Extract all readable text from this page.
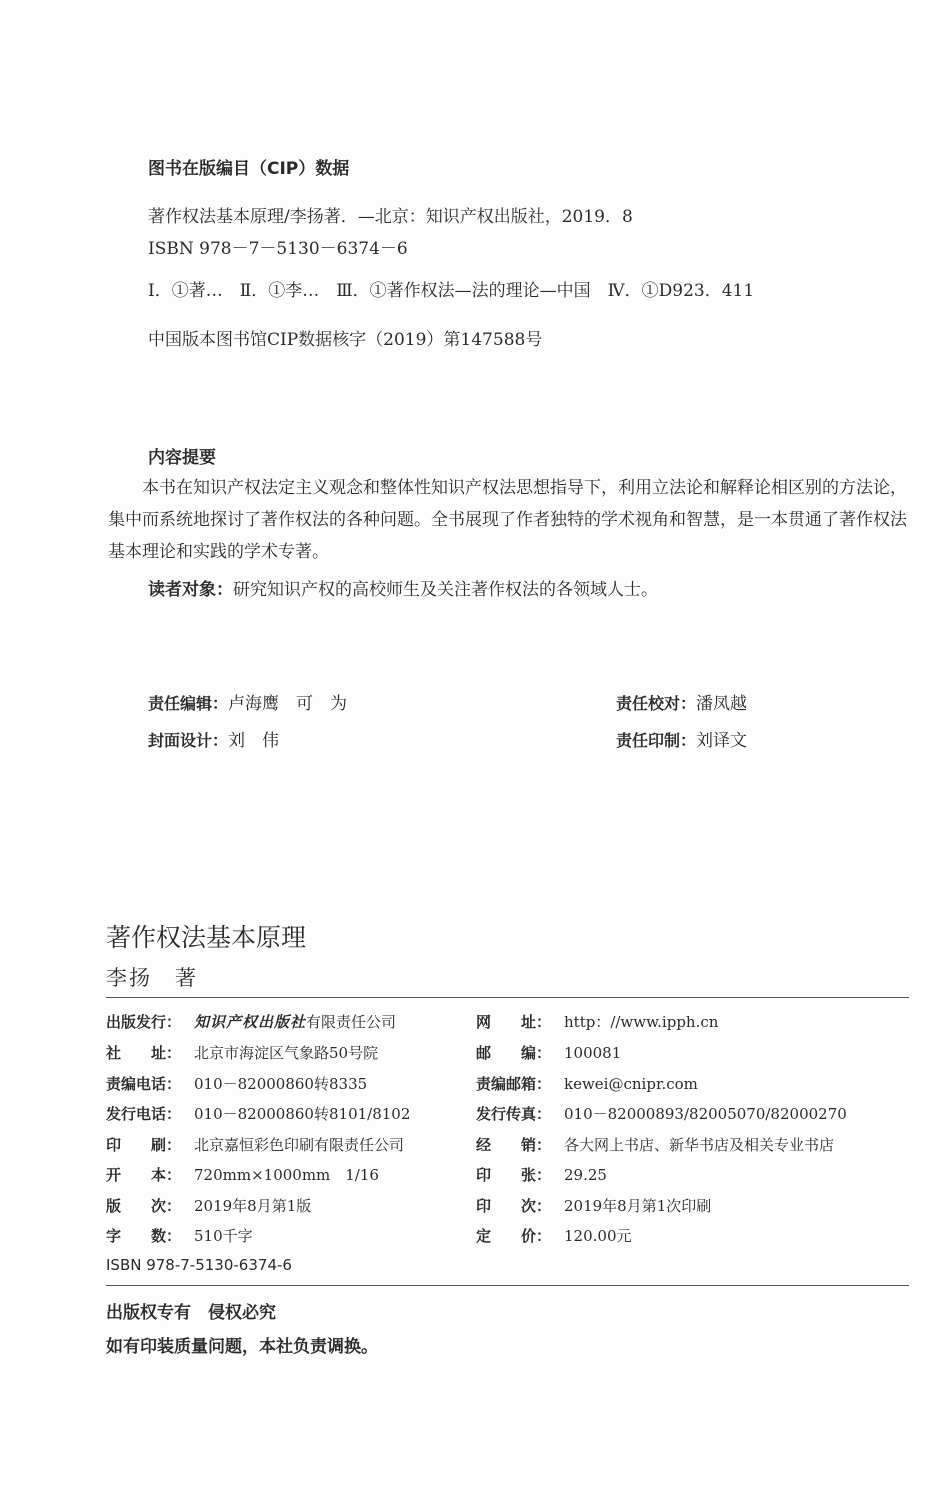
图书在版编目（CIP）数据
著作权法基本原理/李扬著．—北京：知识产权出版社，2019．8
ISBN 978－7－5130－6374－6
Ⅰ．①著…　Ⅱ．①李…　Ⅲ．①著作权法—法的理论—中国　Ⅳ．①D923．411
中国版本图书馆CIP数据核字（2019）第147588号
内容提要
本书在知识产权法定主义观念和整体性知识产权法思想指导下，利用立法论和解释论相区别的方法论，集中而系统地探讨了著作权法的各种问题。全书展现了作者独特的学术视角和智慧，是一本贯通了著作权法基本理论和实践的学术专著。
读者对象：研究知识产权的高校师生及关注著作权法的各领域人士。
责任编辑：卢海鹰　可　为	责任校对：潘凤越
封面设计：刘　伟	责任印制：刘译文
著作权法基本原理
李扬　著
出版发行： 知识产权出版社有限责任公司	网　　址： http：//www.ipph.cn
社　　址： 北京市海淀区气象路50号院	邮　　编： 100081
责编电话： 010－82000860转8335	责编邮箱： kewei@cnipr.com
发行电话： 010－82000860转8101/8102	发行传真： 010－82000893/82005070/82000270
印　　刷： 北京嘉恒彩色印刷有限责任公司	经　　销： 各大网上书店、新华书店及相关专业书店
开　　本： 720mm×1000mm　1/16	印　　张： 29.25
版　　次： 2019年8月第1版	印　　次： 2019年8月第1次印刷
字　　数： 510千字	定　　价： 120.00元
ISBN 978-7-5130-6374-6
出版权专有　侵权必究
如有印装质量问题，本社负责调换。
